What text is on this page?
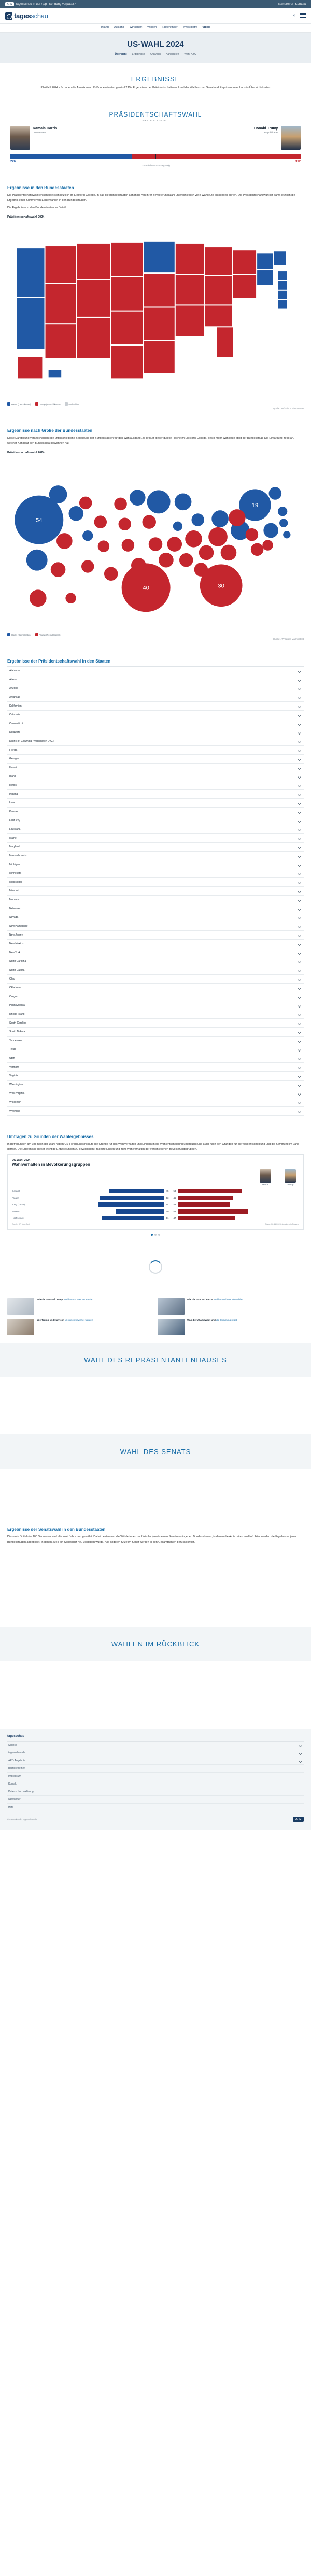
ARD	tagesschau in der App Sendung verpasst?	Barrierefrei Kontakt
tagesschau	⚲
Inland Ausland Wirtschaft Wissen Faktenfinder Investigativ Video
US-WAHL 2024
Übersicht Ergebnisse Analysen Kandidaten Wahl-ABC
ERGEBNISSE

US-Wahl 2024 - Schaben die Amerikaner US-Bundesstaaten gewählt? Die Ergebnisse der Präsidentschaftswahl und der Wahlen zum Senat und Repräsentantenhaus in Übersichtskarten.

PRÄSIDENTSCHAFTSWAHL
Stand: 20.12.2024, 08:11
Kamala Harris
Demokraten
Donald Trump
Republikaner
226	312
270 Wahlleute zum Sieg nötig
Ergebnisse in den Bundesstaaten

Die Präsidentschaftswahl entscheidet sich letztlich im Electoral College, in das die Bundesstaaten abhängig von ihrer Bevölkerungszahl unterschiedlich viele Wahlleute entsenden dürfen. Die Präsidentschaftswahl ist damit letztlich die Ergebnis einer Summe von Einzelwahlen in den Bundesstaaten.

Die Ergebnisse in den Bundesstaaten im Detail:

Präsidentschaftswahl 2024
Harris (Demokraten)	Trump (Republikaner)	noch offen
Quelle: AP/Edison via Infratest
Ergebnisse nach Größe der Bundesstaaten

Diese Darstellung veranschaulicht die unterschiedliche Bedeutung der Bundesstaaten für den Wahlausgang. Je größer dieser dunkle Fläche im Electoral College, desto mehr Wahlleute stellt der Bundesstaat. Die Einfärbung zeigt an, welcher Kandidat den Bundesstaat gewonnen hat.

Präsidentschaftswahl 2024
54
40	30
19
Harris (Demokraten)	Trump (Republikaner)
Quelle: AP/Edison via Infratest
Ergebnisse der Präsidentschaftswahl in den Staaten
Alabama
Alaska
Arizona
Arkansas
Kalifornien
Colorado
Connecticut
Delaware
District of Columbia (Washington D.C.)
Florida
Georgia
Hawaii
Idaho
Illinois
Indiana
Iowa
Kansas
Kentucky
Louisiana
Maine
Maryland
Massachusetts
Michigan
Minnesota
Mississippi
Missouri
Montana
Nebraska
Nevada
New Hampshire
New Jersey
New Mexico
New York
North Carolina
North Dakota
Ohio
Oklahoma
Oregon
Pennsylvania
Rhode Island
South Carolina
South Dakota
Tennessee
Texas
Utah
Vermont
Virginia
Washington
West Virginia
Wisconsin
Wyoming
Umfragen zu Gründen der Wahlergebnisses

In Befragungen am und nach der Wahl haben US-Forschungsinstitute die Gründe für das Wahlverhalten und Einblick in die Wahlentscheidung untersucht und auch nach den Gründen für die Wahlentscheidung und die Stimmung im Land gefragt. Die Ergebnisse dieser wichtige Entwicklungen zu gewichtigen Fragestellungen und zum Wahlverhalten der verschiedenen Bevölkerungsgruppen.

US-Wahl 2024
Wahlverhalten in Bevölkerungsgruppen
Harris	Trump
Gesamt	45	53
Frauen	53	45
Jung (18-29)	54	43
Männer	40	58
Hochschule	51	47
Quelle: AP VoteCast	Stand: 06.11.2024, Angaben in Prozent
Wie die USA auf Trump Wählen und was sie wählte	Wie die USA auf Harris Wählen und was sie wählte
Wie Trump und Harris in Vergleich bewertet werden	Was die USA bewegt und die Stimmung prägt
WAHL DES REPRÄSENTANTENHAUSES
WAHL DES SENATS
Ergebnisse der Senatswahl in den Bundesstaaten

Diese ein Drittel der 100 Senatoren wird alle zwei Jahre neu gewählt. Dabei bestimmen die Wählerinnen und Wähler jeweils einen Senatoren in jenen Bundesstaaten, in denen die Amtszeiten ausläuft. Hier werden die Ergebnisse jener Bundesstaaten abgebildet, in denen 2024 ein Senatssitz neu vergeben wurde. Alle anderen Sitze im Senat werden in den Gesamtzahlen berücksichtigt.

WAHLEN IM RÜCKBLICK
tagesschau
Service
tagesschau.de
ARD Angebote
Barrierefreiheit
Impressum
Kontakt
Datenschutzerklärung
Newsletter
Hilfe
© ARD-aktuell / tagesschau.de	ARD
